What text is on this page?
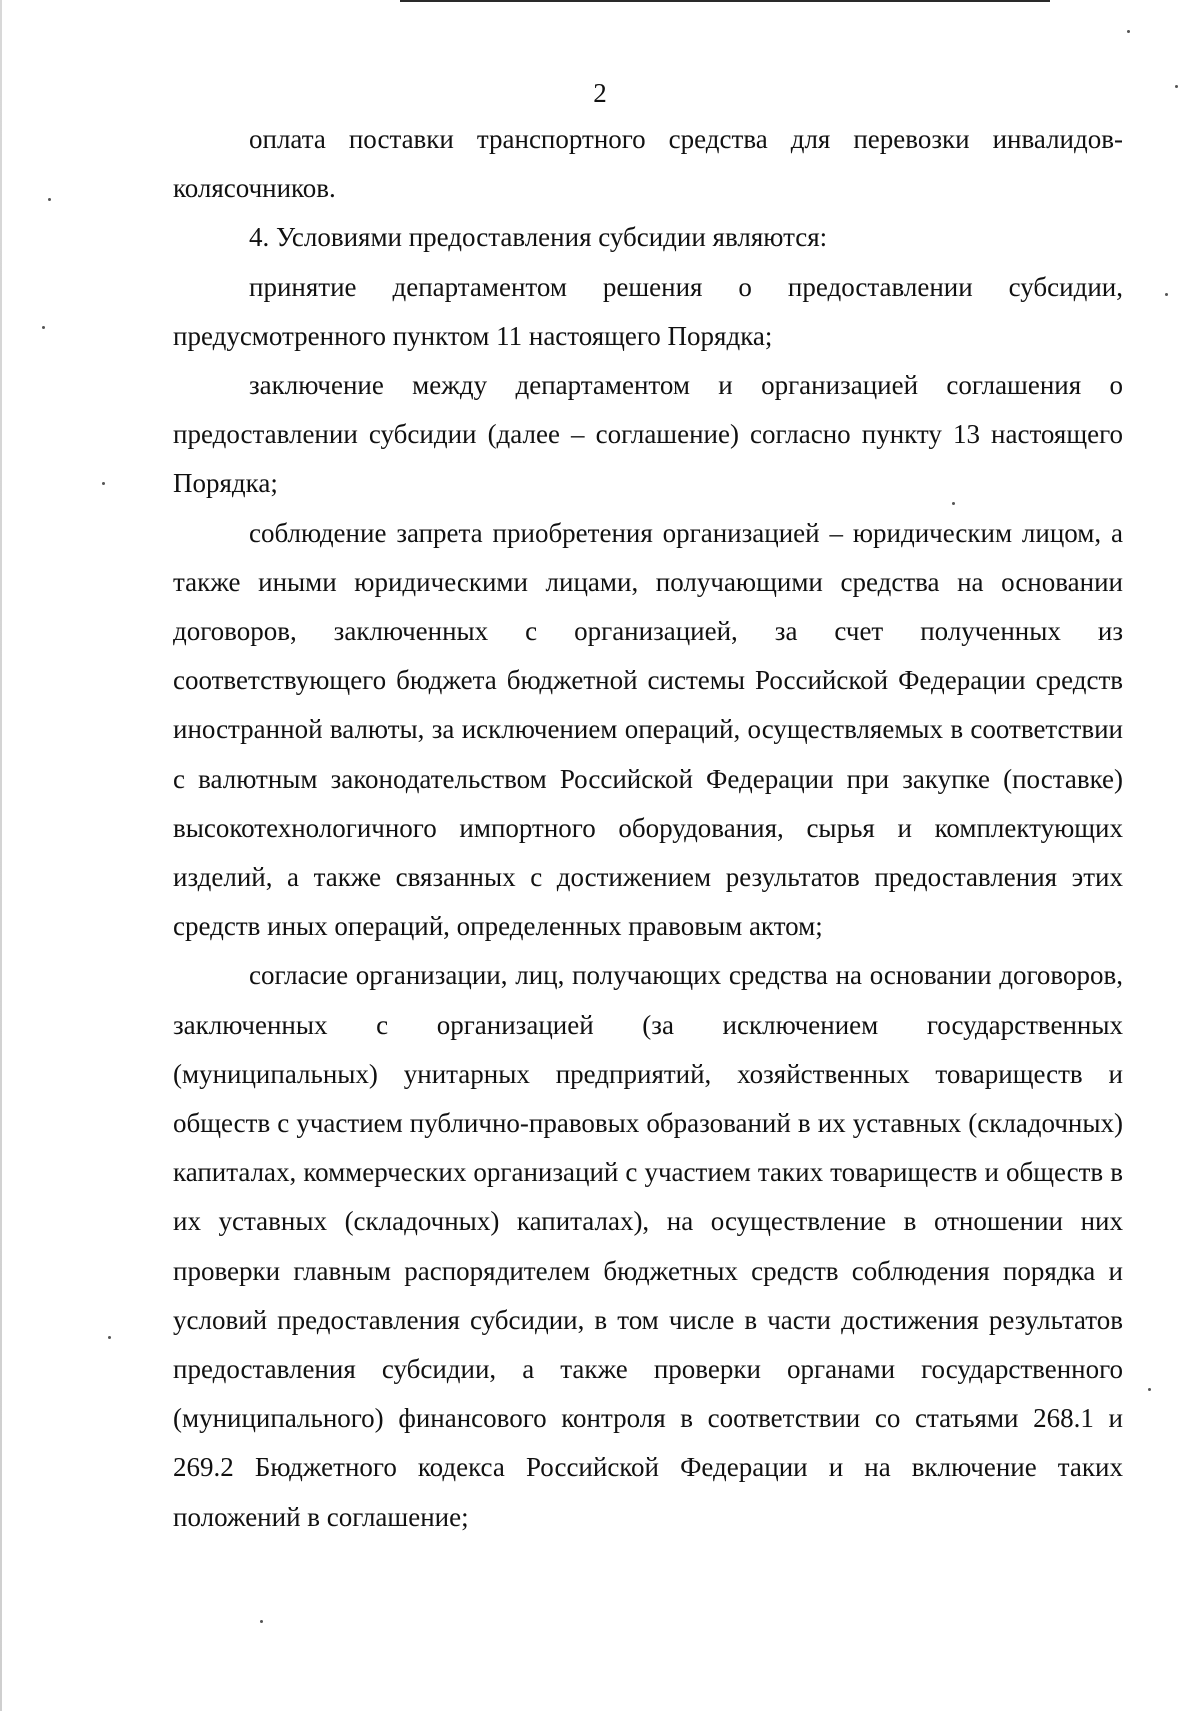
2

оплата поставки транспортного средства для перевозки инвалидов-колясочников.

4. Условиями предоставления субсидии являются:

принятие департаментом решения о предоставлении субсидии, предусмотренного пунктом 11 настоящего Порядка;

заключение между департаментом и организацией соглашения о предоставлении субсидии (далее – соглашение) согласно пункту 13 настоящего Порядка;

соблюдение запрета приобретения организацией – юридическим лицом, а также иными юридическими лицами, получающими средства на основании договоров, заключенных с организацией, за счет полученных из соответствующего бюджета бюджетной системы Российской Федерации средств иностранной валюты, за исключением операций, осуществляемых в соответствии с валютным законодательством Российской Федерации при закупке (поставке) высокотехнологичного импортного оборудования, сырья и комплектующих изделий, а также связанных с достижением результатов предоставления этих средств иных операций, определенных правовым актом;

согласие организации, лиц, получающих средства на основании договоров, заключенных с организацией (за исключением государственных (муниципальных) унитарных предприятий, хозяйственных товариществ и обществ с участием публично-правовых образований в их уставных (складочных) капиталах, коммерческих организаций с участием таких товариществ и обществ в их уставных (складочных) капиталах), на осуществление в отношении них проверки главным распорядителем бюджетных средств соблюдения порядка и условий предоставления субсидии, в том числе в части достижения результатов предоставления субсидии, а также проверки органами государственного (муниципального) финансового контроля в соответствии со статьями 268.1 и 269.2 Бюджетного кодекса Российской Федерации и на включение таких положений в соглашение;
